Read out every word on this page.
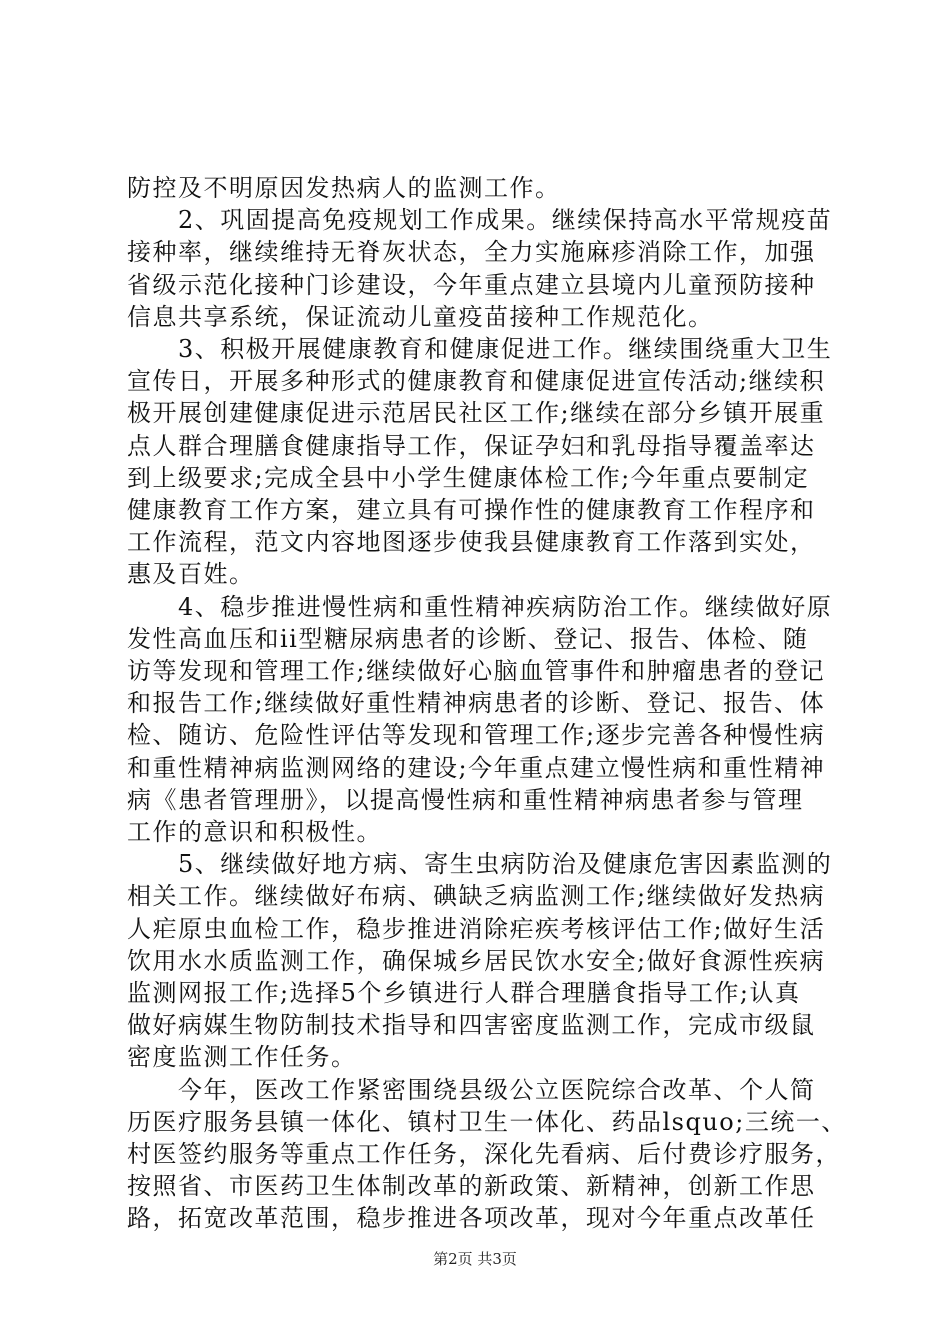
防控及不明原因发热病人的监测工作。
　　2、巩固提高免疫规划工作成果。继续保持高水平常规疫苗
接种率，继续维持无脊灰状态，全力实施麻疹消除工作，加强
省级示范化接种门诊建设，今年重点建立县境内儿童预防接种
信息共享系统，保证流动儿童疫苗接种工作规范化。
　　3、积极开展健康教育和健康促进工作。继续围绕重大卫生
宣传日，开展多种形式的健康教育和健康促进宣传活动;继续积
极开展创建健康促进示范居民社区工作;继续在部分乡镇开展重
点人群合理膳食健康指导工作，保证孕妇和乳母指导覆盖率达
到上级要求;完成全县中小学生健康体检工作;今年重点要制定
健康教育工作方案，建立具有可操作性的健康教育工作程序和
工作流程，范文内容地图逐步使我县健康教育工作落到实处，
惠及百姓。
　　4、稳步推进慢性病和重性精神疾病防治工作。继续做好原
发性高血压和ii型糖尿病患者的诊断、登记、报告、体检、随
访等发现和管理工作;继续做好心脑血管事件和肿瘤患者的登记
和报告工作;继续做好重性精神病患者的诊断、登记、报告、体
检、随访、危险性评估等发现和管理工作;逐步完善各种慢性病
和重性精神病监测网络的建设;今年重点建立慢性病和重性精神
病《患者管理册》，以提高慢性病和重性精神病患者参与管理
工作的意识和积极性。
　　5、继续做好地方病、寄生虫病防治及健康危害因素监测的
相关工作。继续做好布病、碘缺乏病监测工作;继续做好发热病
人疟原虫血检工作，稳步推进消除疟疾考核评估工作;做好生活
饮用水水质监测工作，确保城乡居民饮水安全;做好食源性疾病
监测网报工作;选择5个乡镇进行人群合理膳食指导工作;认真
做好病媒生物防制技术指导和四害密度监测工作，完成市级鼠
密度监测工作任务。
　　今年，医改工作紧密围绕县级公立医院综合改革、个人简
历医疗服务县镇一体化、镇村卫生一体化、药品lsquo;三统一、
村医签约服务等重点工作任务，深化先看病、后付费诊疗服务，
按照省、市医药卫生体制改革的新政策、新精神，创新工作思
路，拓宽改革范围，稳步推进各项改革，现对今年重点改革任
第2页 共3页
